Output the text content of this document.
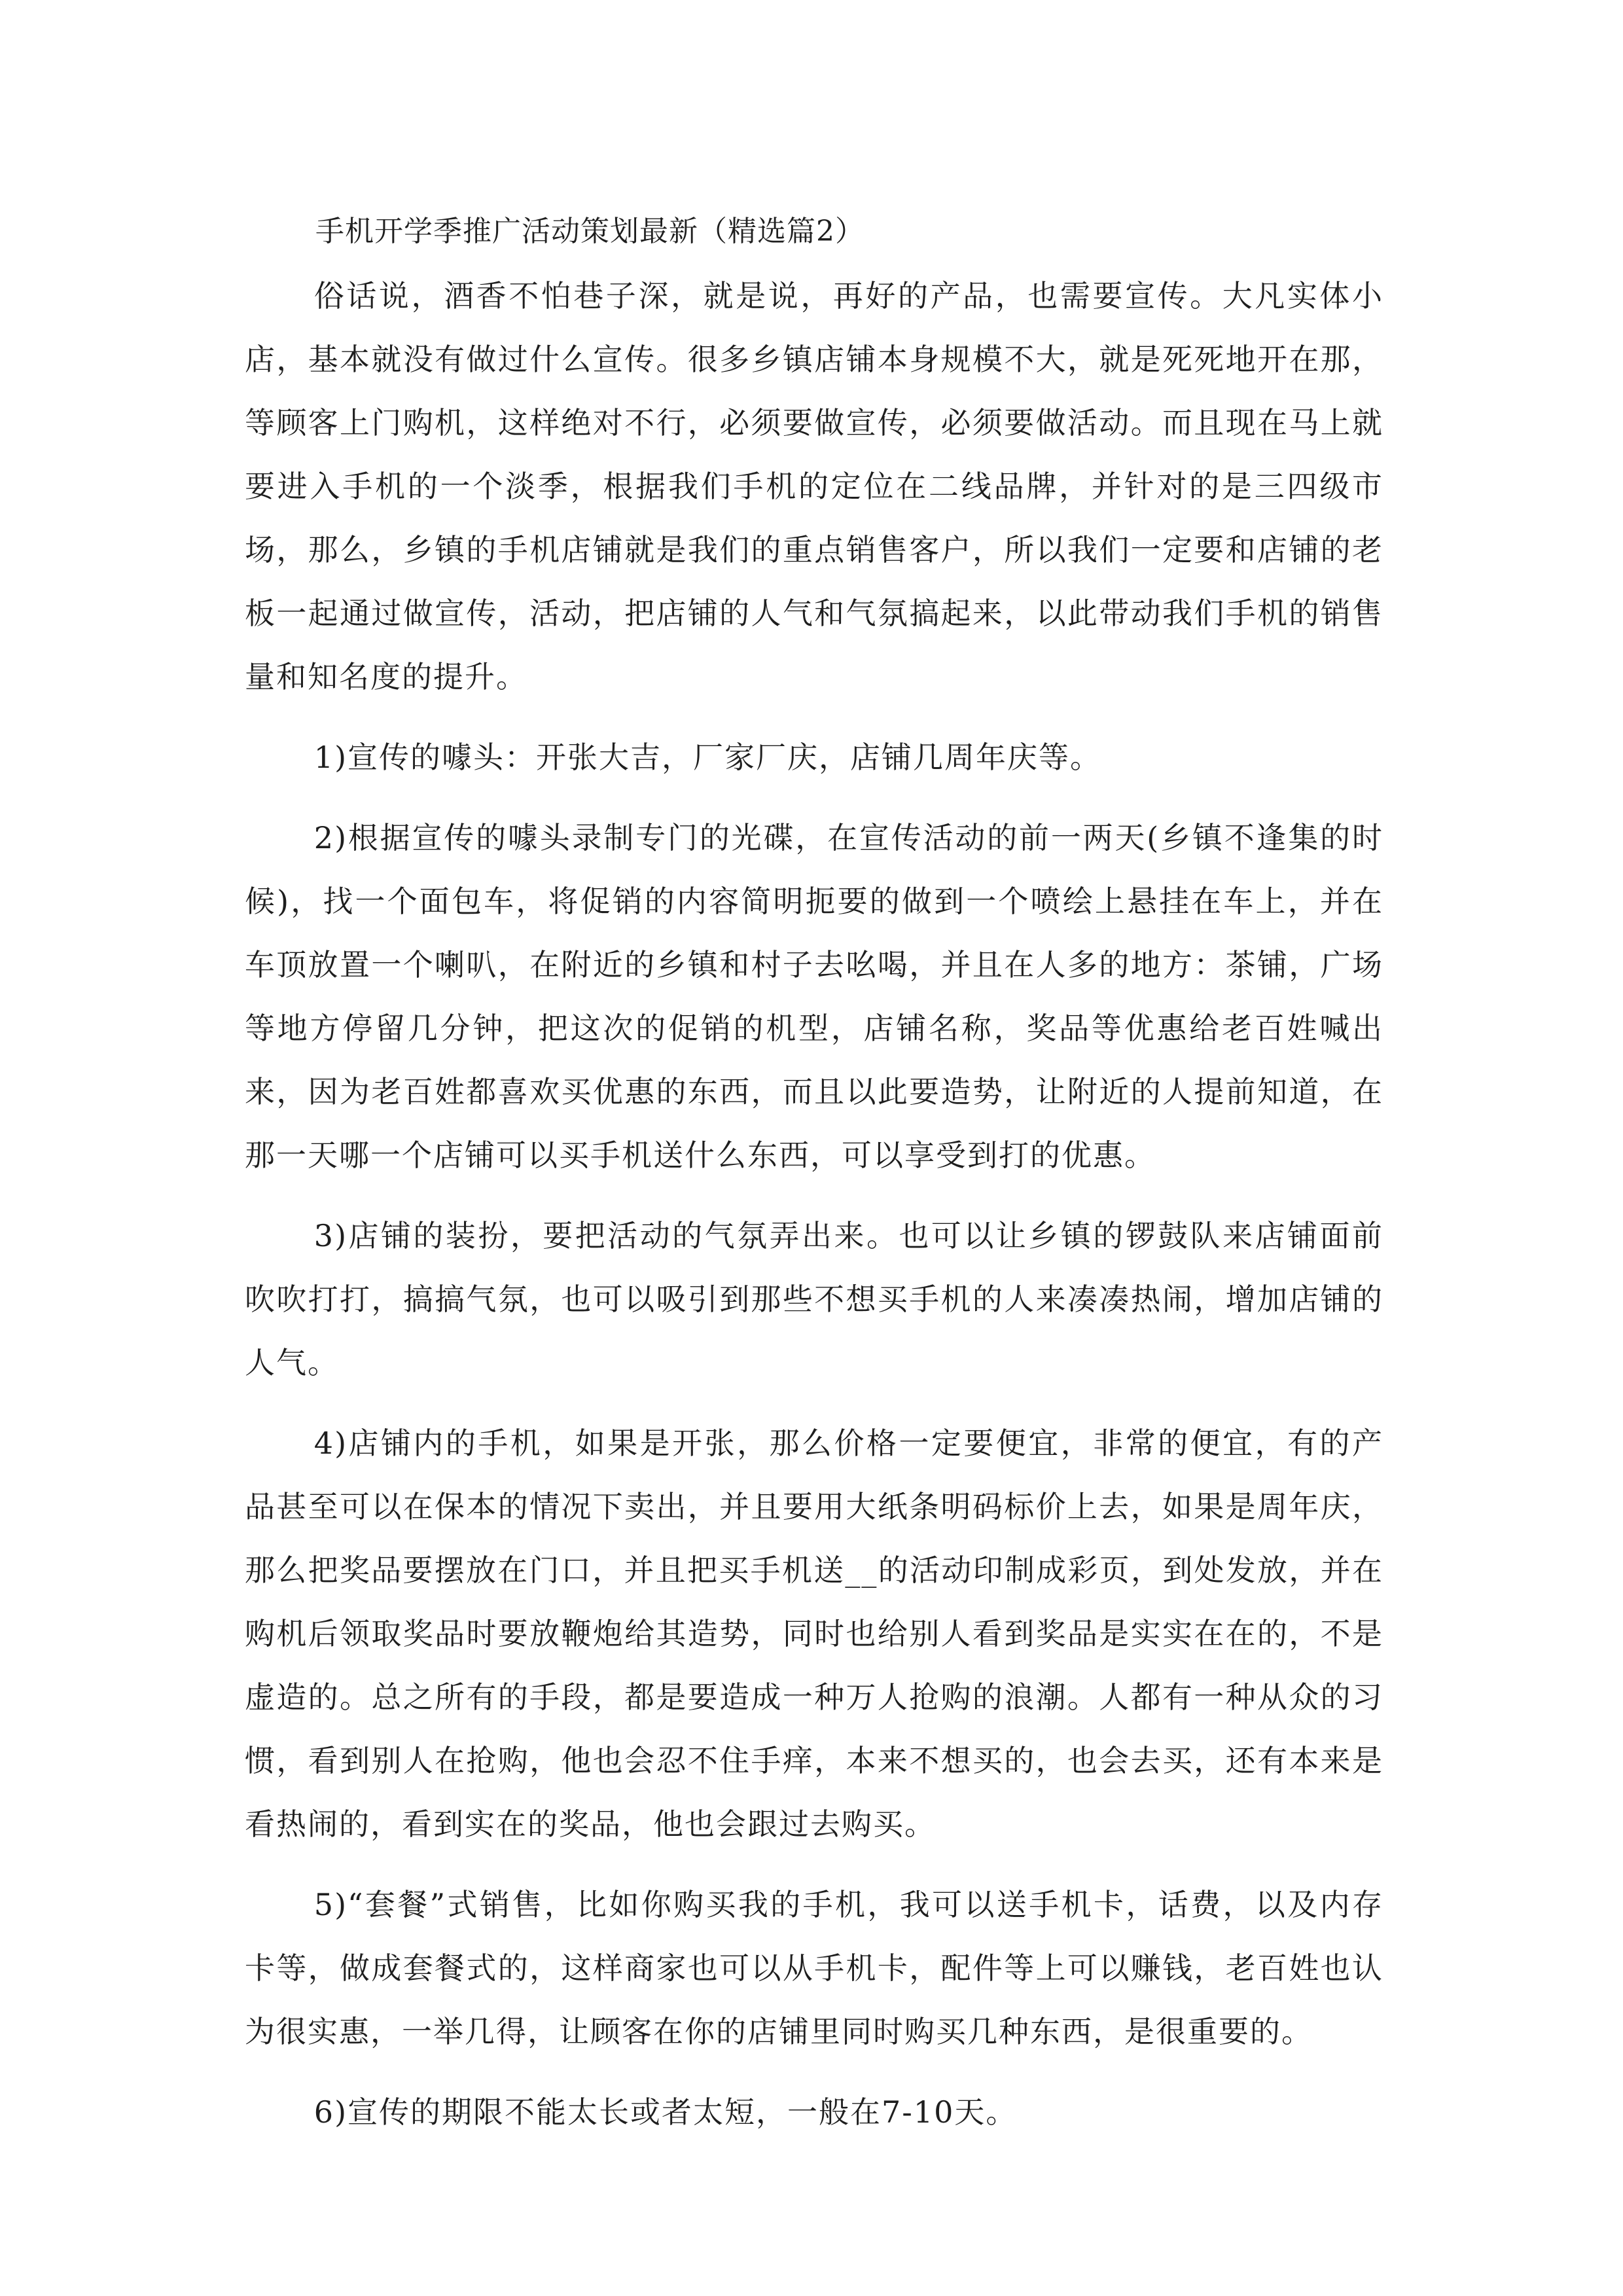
手机开学季推广活动策划最新（精选篇2）

俗话说，酒香不怕巷子深，就是说，再好的产品，也需要宣传。大凡实体小店，基本就没有做过什么宣传。很多乡镇店铺本身规模不大，就是死死地开在那，等顾客上门购机，这样绝对不行，必须要做宣传，必须要做活动。而且现在马上就要进入手机的一个淡季，根据我们手机的定位在二线品牌，并针对的是三四级市场，那么，乡镇的手机店铺就是我们的重点销售客户，所以我们一定要和店铺的老板一起通过做宣传，活动，把店铺的人气和气氛搞起来，以此带动我们手机的销售量和知名度的提升。

1)宣传的噱头：开张大吉，厂家厂庆，店铺几周年庆等。

2)根据宣传的噱头录制专门的光碟，在宣传活动的前一两天(乡镇不逢集的时候)，找一个面包车，将促销的内容简明扼要的做到一个喷绘上悬挂在车上，并在车顶放置一个喇叭，在附近的乡镇和村子去吆喝，并且在人多的地方：茶铺，广场等地方停留几分钟，把这次的促销的机型，店铺名称，奖品等优惠给老百姓喊出来，因为老百姓都喜欢买优惠的东西，而且以此要造势，让附近的人提前知道，在那一天哪一个店铺可以买手机送什么东西，可以享受到打的优惠。

3)店铺的装扮，要把活动的气氛弄出来。也可以让乡镇的锣鼓队来店铺面前吹吹打打，搞搞气氛，也可以吸引到那些不想买手机的人来凑凑热闹，增加店铺的人气。

4)店铺内的手机，如果是开张，那么价格一定要便宜，非常的便宜，有的产品甚至可以在保本的情况下卖出，并且要用大纸条明码标价上去，如果是周年庆，那么把奖品要摆放在门口，并且把买手机送__的活动印制成彩页，到处发放，并在购机后领取奖品时要放鞭炮给其造势，同时也给别人看到奖品是实实在在的，不是虚造的。总之所有的手段，都是要造成一种万人抢购的浪潮。人都有一种从众的习惯，看到别人在抢购，他也会忍不住手痒，本来不想买的，也会去买，还有本来是看热闹的，看到实在的奖品，他也会跟过去购买。

5)“套餐”式销售，比如你购买我的手机，我可以送手机卡，话费，以及内存卡等，做成套餐式的，这样商家也可以从手机卡，配件等上可以赚钱，老百姓也认为很实惠，一举几得，让顾客在你的店铺里同时购买几种东西，是很重要的。

6)宣传的期限不能太长或者太短，一般在7-10天。
